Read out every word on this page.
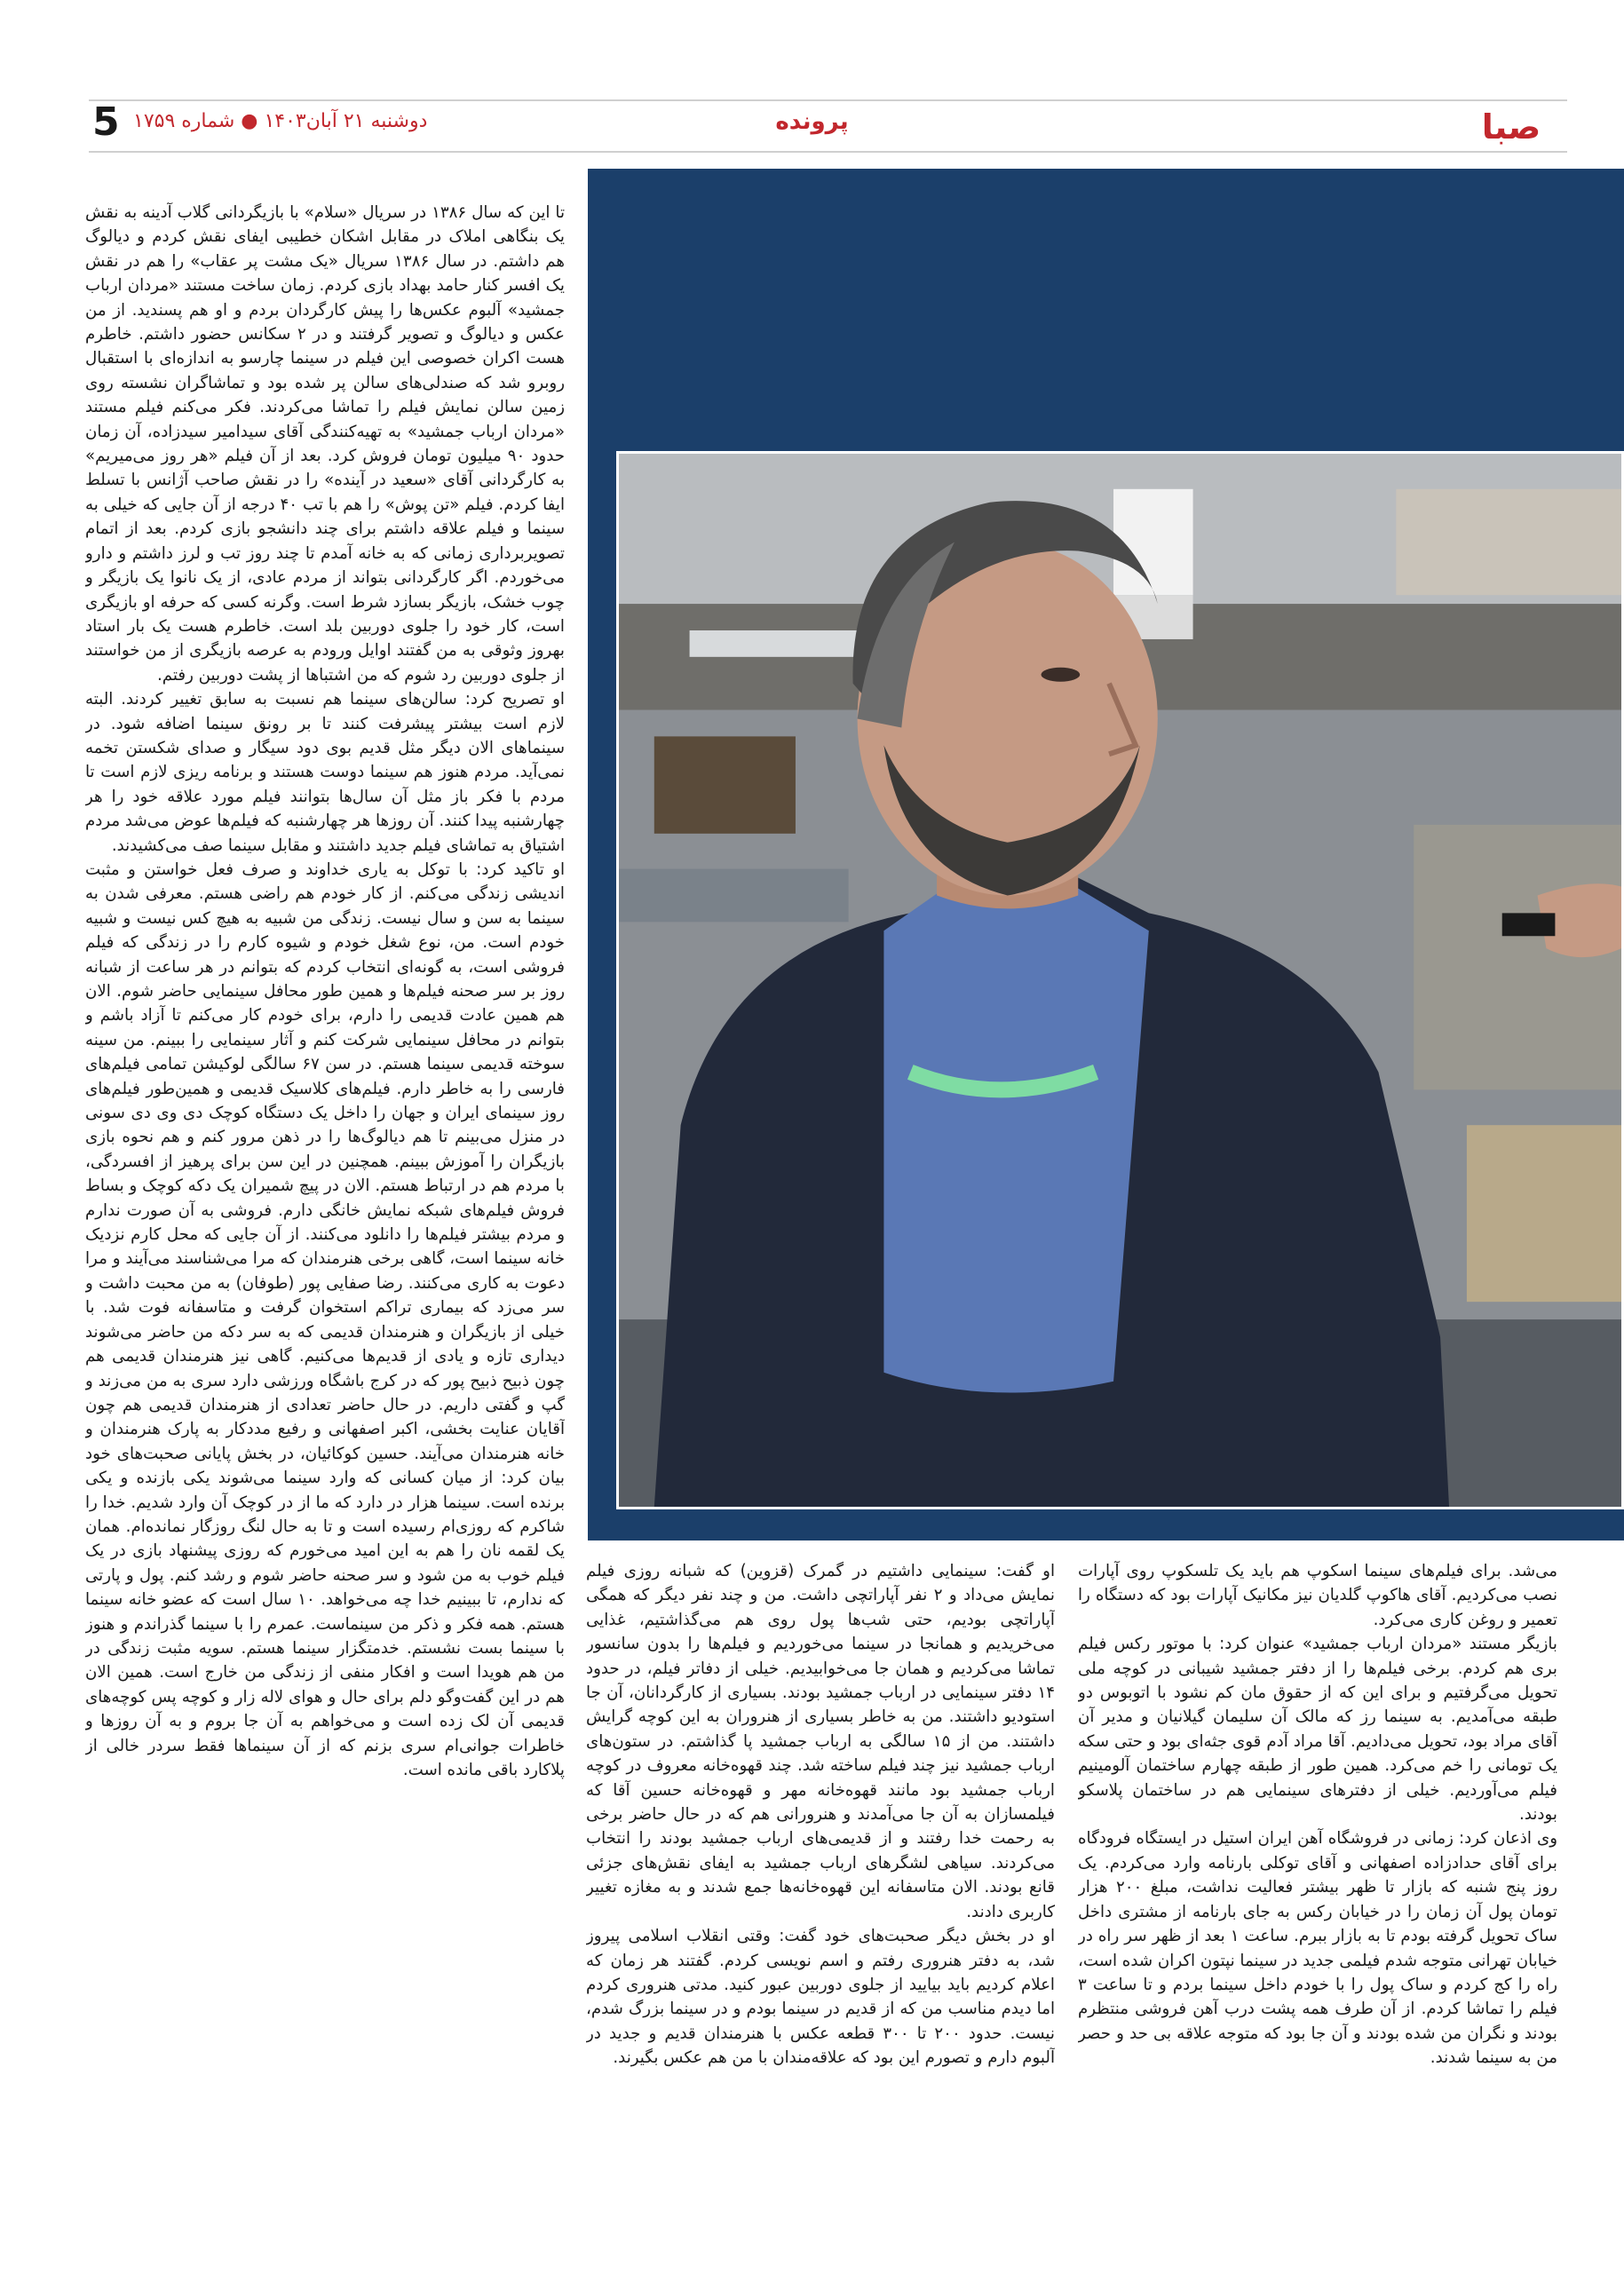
صبا
پرونده
دوشنبه ۲۱ آبان۱۴۰۳ ● شماره ۱۷۵۹
5

تا این که سال ۱۳۸۶ در سریال «سلام» با بازیگردانی گلاب آدینه به نقش یک بنگاهی املاک در مقابل اشکان خطیبی ایفای نقش کردم و دیالوگ هم داشتم. در سال ۱۳۸۶ سریال «یک مشت پر عقاب» را هم در نقش یک افسر کنار حامد بهداد بازی کردم. زمان ساخت مستند «مردان ارباب جمشید» آلبوم عکس‌ها را پیش کارگردان بردم و او هم پسندید. از من عکس و دیالوگ و تصویر گرفتند و در ۲ سکانس حضور داشتم. خاطرم هست اکران خصوصی این فیلم در سینما چارسو به اندازه‌ای با استقبال روبرو شد که صندلی‌های سالن پر شده بود و تماشاگران نشسته روی زمین سالن نمایش فیلم را تماشا می‌کردند. فکر می‌کنم فیلم مستند «مردان ارباب جمشید» به تهیه‌کنندگی آقای سیدامیر سیدزاده، آن زمان حدود ۹۰ میلیون تومان فروش کرد. بعد از آن فیلم «هر روز می‌میریم» به کارگردانی آقای «سعید در آینده» را در نقش صاحب آژانس با تسلط ایفا کردم. فیلم «تن پوش» را هم با تب ۴۰ درجه از آن جایی که خیلی به سینما و فیلم علاقه داشتم برای چند دانشجو بازی کردم. بعد از اتمام تصویربرداری زمانی که به خانه آمدم تا چند روز تب و لرز داشتم و دارو می‌خوردم. اگر کارگردانی بتواند از مردم عادی، از یک نانوا یک بازیگر و چوب خشک، بازیگر بسازد شرط است. وگرنه کسی که حرفه او بازیگری است، کار خود را جلوی دوربین بلد است. خاطرم هست یک بار استاد بهروز وثوقی به من گفتند اوایل ورودم به عرصه بازیگری از من خواستند از جلوی دوربین رد شوم که من اشتباها از پشت دوربین رفتم.

او تصریح کرد: سالن‌های سینما هم نسبت به سابق تغییر کردند. البته لازم است بیشتر پیشرفت کنند تا بر رونق سینما اضافه شود. در سینماهای الان دیگر مثل قدیم بوی دود سیگار و صدای شکستن تخمه نمی‌آید. مردم هنوز هم سینما دوست هستند و برنامه ریزی لازم است تا مردم با فکر باز مثل آن سال‌ها بتوانند فیلم مورد علاقه خود را هر چهارشنبه پیدا کنند. آن روزها هر چهارشنبه که فیلم‌ها عوض می‌شد مردم اشتیاق به تماشای فیلم جدید داشتند و مقابل سینما صف می‌کشیدند.

او تاکید کرد: با توکل به یاری خداوند و صرف فعل خواستن و مثبت اندیشی زندگی می‌کنم. از کار خودم هم راضی هستم. معرفی شدن به سینما به سن و سال نیست. زندگی من شبیه به هیچ کس نیست و شبیه خودم است. من، نوع شغل خودم و شیوه کارم را در زندگی که فیلم فروشی است، به گونه‌ای انتخاب کردم که بتوانم در هر ساعت از شبانه روز بر سر صحنه فیلم‌ها و همین طور محافل سینمایی حاضر شوم. الان هم همین عادت قدیمی را دارم، برای خودم کار می‌کنم تا آزاد باشم و بتوانم در محافل سینمایی شرکت کنم و آثار سینمایی را ببینم. من سینه سوخته قدیمی سینما هستم. در سن ۶۷ سالگی لوکیشن تمامی فیلم‌های فارسی را به خاطر دارم. فیلم‌های کلاسیک قدیمی و همین‌طور فیلم‌های روز سینمای ایران و جهان را داخل یک دستگاه کوچک دی وی دی سونی در منزل می‌بینم تا هم دیالوگ‌ها را در ذهن مرور کنم و هم نحوه بازی بازیگران را آموزش ببینم. همچنین در این سن برای پرهیز از افسردگی، با مردم هم در ارتباط هستم. الان در پیچ شمیران یک دکه کوچک و بساط فروش فیلم‌های شبکه نمایش خانگی دارم. فروشی به آن صورت ندارم و مردم بیشتر فیلم‌ها را دانلود می‌کنند. از آن جایی که محل کارم نزدیک خانه سینما است، گاهی برخی هنرمندان که مرا می‌شناسند می‌آیند و مرا دعوت به کاری می‌کنند. رضا صفایی پور (طوفان) به من محبت داشت و سر می‌زد که بیماری تراکم استخوان گرفت و متاسفانه فوت شد. با خیلی از بازیگران و هنرمندان قدیمی که به سر دکه من حاضر می‌شوند دیداری تازه و یادی از قدیم‌ها می‌کنیم. گاهی نیز هنرمندان قدیمی هم چون ذبیح ذبیح پور که در کرج باشگاه ورزشی دارد سری به من می‌زند و گپ و گفتی داریم. در حال حاضر تعدادی از هنرمندان قدیمی هم چون آقایان عنایت بخشی، اکبر اصفهانی و رفیع مددکار به پارک هنرمندان و خانه هنرمندان می‌آیند. حسین کوکائیان، در بخش پایانی صحبت‌های خود بیان کرد: از میان کسانی که وارد سینما می‌شوند یکی بازنده و یکی برنده است. سینما هزار در دارد که ما از در کوچک آن وارد شدیم. خدا را شاکرم که روزی‌ام رسیده است و تا به حال لنگ روزگار نمانده‌ام. همان یک لقمه نان را هم به این امید می‌خورم که روزی پیشنهاد بازی در یک فیلم خوب به من شود و سر صحنه حاضر شوم و رشد کنم. پول و پارتی که ندارم، تا ببینیم خدا چه می‌خواهد. ۱۰ سال است که عضو خانه سینما هستم. همه فکر و ذکر من سینماست. عمرم را با سینما گذراندم و هنوز با سینما بست نشستم. خدمتگزار سینما هستم. سویه مثبت زندگی در من هم هویدا است و افکار منفی از زندگی من خارج است. همین الان هم در این گفت‌وگو دلم برای حال و هوای لاله زار و کوچه پس کوچه‌های قدیمی آن لک زده است و می‌خواهم به آن جا بروم و به آن روزها و خاطرات جوانی‌ام سری بزنم که از آن سینماها فقط سردر خالی از پلاکارد باقی مانده است.

او گفت: سینمایی داشتیم در گمرک (قزوین) که شبانه روزی فیلم نمایش می‌داد و ۲ نفر آپاراتچی داشت. من و چند نفر دیگر که همگی آپاراتچی بودیم، حتی شب‌ها پول روی هم می‌گذاشتیم، غذایی می‌خریدیم و همانجا در سینما می‌خوردیم و فیلم‌ها را بدون سانسور تماشا می‌کردیم و همان جا می‌خوابیدیم. خیلی از دفاتر فیلم، در حدود ۱۴ دفتر سینمایی در ارباب جمشید بودند. بسیاری از کارگردانان، آن جا استودیو داشتند. من به خاطر بسیاری از هنروران به این کوچه گرایش داشتند. من از ۱۵ سالگی به ارباب جمشید پا گذاشتم. در ستون‌های ارباب جمشید نیز چند فیلم ساخته شد. چند قهوه‌خانه معروف در کوچه ارباب جمشید بود مانند قهوه‌خانه مهر و قهوه‌خانه حسین آقا که فیلمسازان به آن جا می‌آمدند و هنرورانی هم که در حال حاضر برخی به رحمت خدا رفتند و از قدیمی‌های ارباب جمشید بودند را انتخاب می‌کردند. سیاهی لشگرهای ارباب جمشید به ایفای نقش‌های جزئی قانع بودند. الان متاسفانه این قهوه‌خانه‌ها جمع شدند و به مغازه تغییر کاربری دادند.

او در بخش دیگر صحبت‌های خود گفت: وقتی انقلاب اسلامی پیروز شد، به دفتر هنروری رفتم و اسم نویسی کردم. گفتند هر زمان که اعلام کردیم باید بیایید از جلوی دوربین عبور کنید. مدتی هنروری کردم اما دیدم مناسب من که از قدیم در سینما بودم و در سینما بزرگ شدم، نیست. حدود ۲۰۰ تا ۳۰۰ قطعه عکس با هنرمندان قدیم و جدید در آلبوم دارم و تصورم این بود که علاقه‌مندان با من هم عکس بگیرند.

می‌شد. برای فیلم‌های سینما اسکوپ هم باید یک تلسکوپ روی آپارات نصب می‌کردیم. آقای هاکوپ گلدیان نیز مکانیک آپارات بود که دستگاه را تعمیر و روغن کاری می‌کرد.

بازیگر مستند «مردان ارباب جمشید» عنوان کرد: با موتور رکس فیلم بری هم کردم. برخی فیلم‌ها را از دفتر جمشید شیبانی در کوچه ملی تحویل می‌گرفتیم و برای این که از حقوق مان کم نشود با اتوبوس دو طبقه می‌آمدیم. به سینما رز که مالک آن سلیمان گیلانیان و مدیر آن آقای مراد بود، تحویل می‌دادیم. آقا مراد آدم قوی جثه‌ای بود و حتی سکه یک تومانی را خم می‌کرد. همین طور از طبقه چهارم ساختمان آلومینیم فیلم می‌آوردیم. خیلی از دفترهای سینمایی هم در ساختمان پلاسکو بودند.

وی اذعان کرد: زمانی در فروشگاه آهن ایران استیل در ایستگاه فرودگاه برای آقای حدادزاده اصفهانی و آقای توکلی بارنامه وارد می‌کردم. یک روز پنج شنبه که بازار تا ظهر بیشتر فعالیت نداشت، مبلغ ۲۰۰ هزار تومان پول آن زمان را در خیابان رکس به جای بارنامه از مشتری داخل ساک تحویل گرفته بودم تا به بازار ببرم. ساعت ۱ بعد از ظهر سر راه در خیابان تهرانی متوجه شدم فیلمی جدید در سینما نپتون اکران شده است، راه را کج کردم و ساک پول را با خودم داخل سینما بردم و تا ساعت ۳ فیلم را تماشا کردم. از آن طرف همه پشت درب آهن فروشی منتظرم بودند و نگران من شده بودند و آن جا بود که متوجه علاقه بی حد و حصر من به سینما شدند.
